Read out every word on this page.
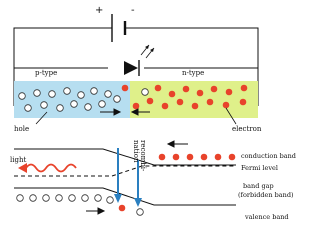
+	-
p-type	n-type
hole	electron
light	recombi-
nation	conduction band
Fermi level
band gap
(forbidden band)
valence band
